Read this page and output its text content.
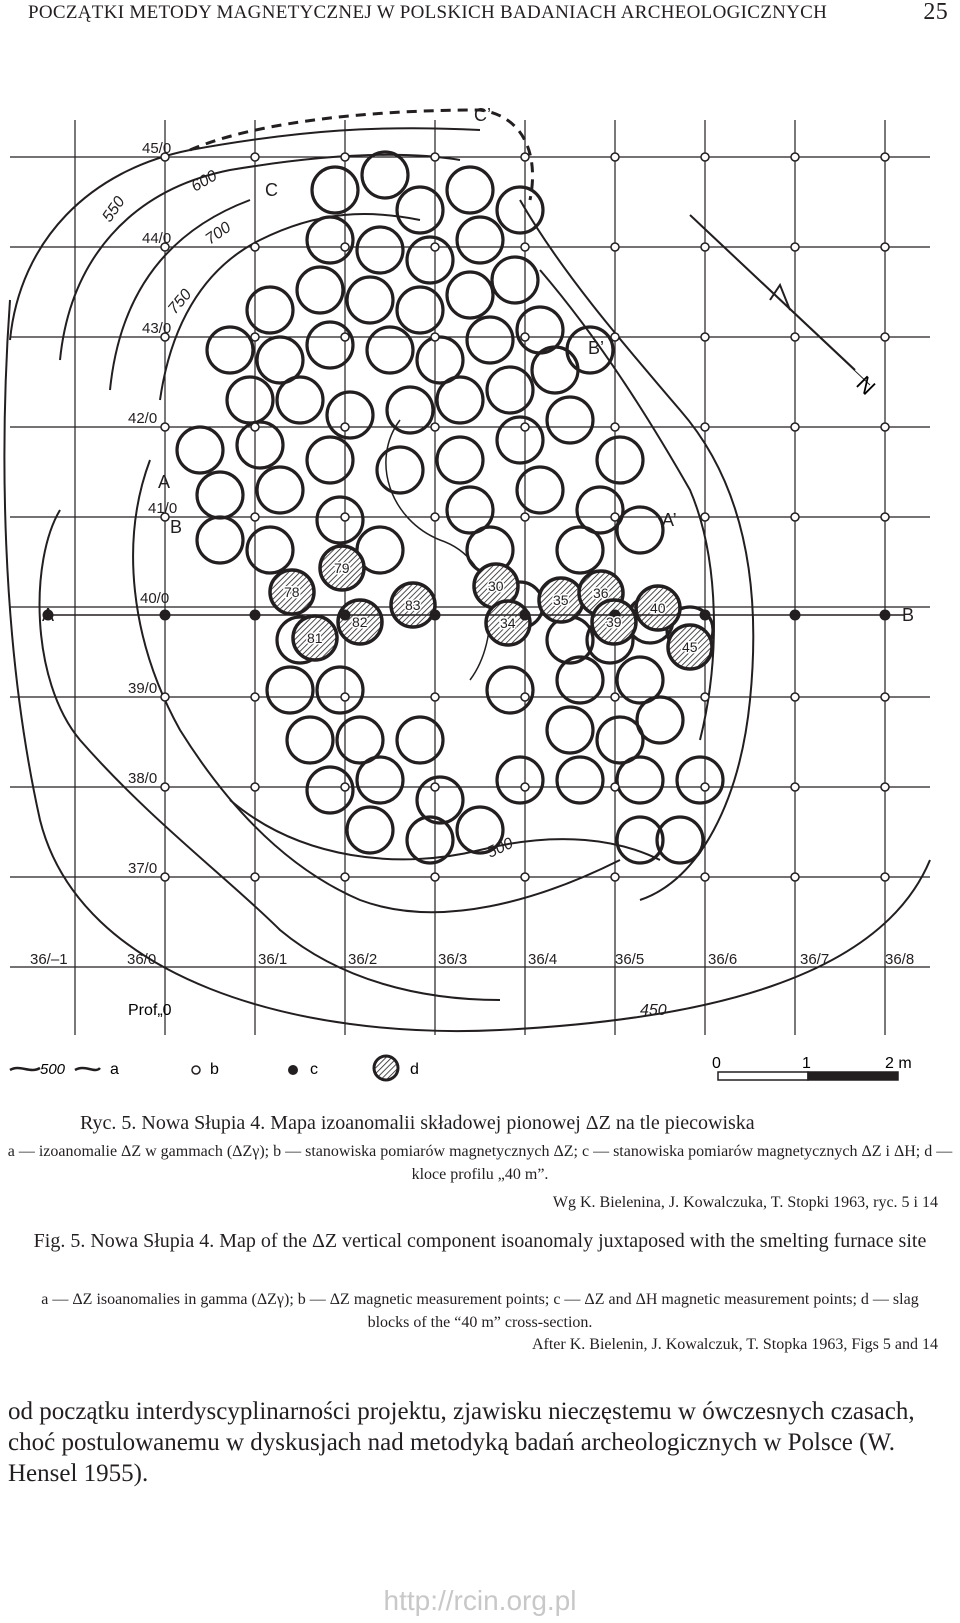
POCZĄTKI METODY MAGNETYCZNEJ W POLSKICH BADANIACH ARCHEOLOGICZNYCH	25
N
45/0
44/0
43/0
42/0
41/0
40/0
39/0
38/0
37/0
36/–1	36/0	36/1	36/2	36/3	36/4	36/5	36/6	36/7	36/8
550
600
700
750
500
450
A	B
A’
B’
C
C’
A
B
78
79
81
82
83
30
34
35 36
39
40
45
Prof„0
500	a	b	c	d	0	1	2 m
Ryc. 5. Nowa Słupia 4. Mapa izoanomalii składowej pionowej ΔZ na tle piecowiska
a — izoanomalie ΔZ w gammach (ΔZγ); b — stanowiska pomiarów magnetycznych ΔZ; c — stanowiska pomiarów magnetycznych ΔZ i ΔH; d — kloce profilu „40 m”.
Wg K. Bielenina, J. Kowalczuka, T. Stopki 1963, ryc. 5 i 14
Fig. 5. Nowa Słupia 4. Map of the ΔZ vertical component isoanomaly juxtaposed with the smelting furnace site
a — ΔZ isoanomalies in gamma (ΔZγ); b — ΔZ magnetic measurement points; c — ΔZ and ΔH magnetic measurement points; d — slag blocks of the “40 m” cross-section.
After K. Bielenin, J. Kowalczuk, T. Stopka 1963, Figs 5 and 14
od początku interdyscyplinarności projektu, zjawisku nieczęstemu w ówczesnych czasach, choć postulowanemu w dyskusjach nad metodyką badań archeologicznych w Polsce (W. Hensel 1955).
http://rcin.org.pl
